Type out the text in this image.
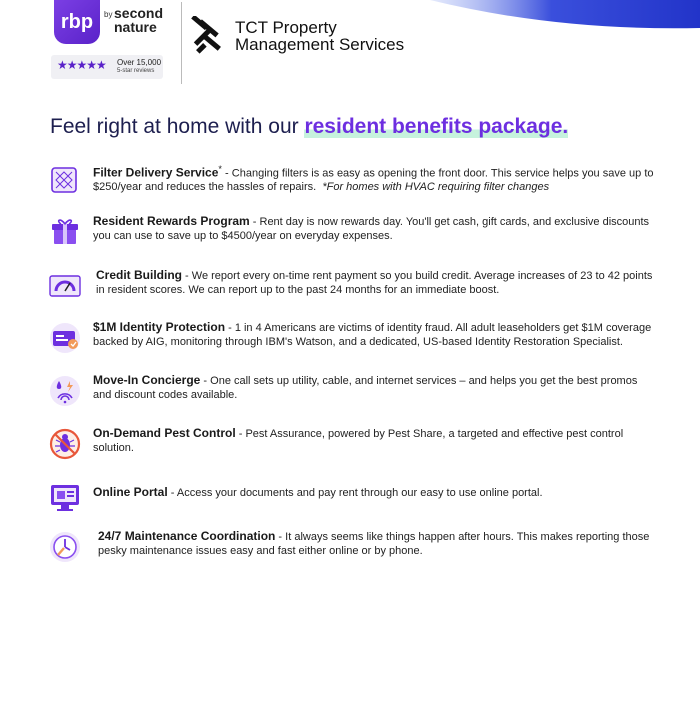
rbp by second
nature
★★★★★ Over 15,000
5-star reviews
TCT Property
Management Services
Feel right at home with our resident benefits package.
Filter Delivery Service* - Changing filters is as easy as opening the front door. This service helps you save up to $250/year and reduces the hassles of repairs. *For homes with HVAC requiring filter changes
Resident Rewards Program - Rent day is now rewards day. You'll get cash, gift cards, and exclusive discounts you can use to save up to $4500/year on everyday expenses.
Credit Building - We report every on-time rent payment so you build credit. Average increases of 23 to 42 points in resident scores. We can report up to the past 24 months for an immediate boost.
$1M Identity Protection - 1 in 4 Americans are victims of identity fraud. All adult leaseholders get $1M coverage backed by AIG, monitoring through IBM's Watson, and a dedicated, US-based Identity Restoration Specialist.
Move-In Concierge - One call sets up utility, cable, and internet services – and helps you get the best promos and discount codes available.
On-Demand Pest Control - Pest Assurance, powered by Pest Share, a targeted and effective pest control solution.
Online Portal - Access your documents and pay rent through our easy to use online portal.
24/7 Maintenance Coordination - It always seems like things happen after hours. This makes reporting those pesky maintenance issues easy and fast either online or by phone.
